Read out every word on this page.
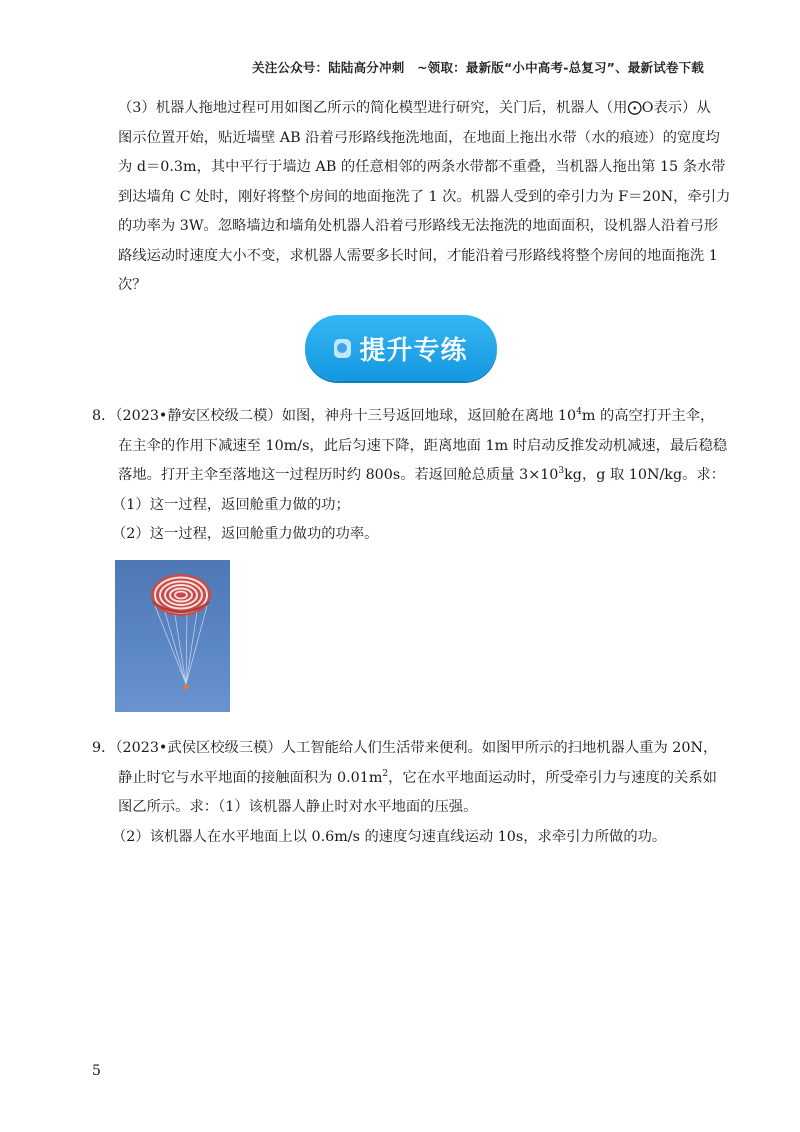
关注公众号：陆陆高分冲刺　~领取：最新版“小中高考-总复习”、最新试卷下载

（3）机器人拖地过程可用如图乙所示的简化模型进行研究，关门后，机器人（用⨀O表示）从
图示位置开始，贴近墙壁 AB 沿着弓形路线拖洗地面，在地面上拖出水带（水的痕迹）的宽度均
为 d＝0.3m，其中平行于墙边 AB 的任意相邻的两条水带都不重叠，当机器人拖出第 15 条水带
到达墙角 C 处时，刚好将整个房间的地面拖洗了 1 次。机器人受到的牵引力为 F＝20N，牵引力
的功率为 3W。忽略墙边和墙角处机器人沿着弓形路线无法拖洗的地面面积，设机器人沿着弓形
路线运动时速度大小不变，求机器人需要多长时间，才能沿着弓形路线将整个房间的地面拖洗 1
次？

提升专练

8．（2023•静安区校级二模）如图，神舟十三号返回地球，返回舱在离地 $10^4m$ 的高空打开主伞，
在主伞的作用下减速至 10m/s，此后匀速下降，距离地面 1m 时启动反推发动机减速，最后稳稳
落地。打开主伞至落地这一过程历时约 800s。若返回舱总质量 $3\times 10^3kg$，g 取 10N/kg。求：
（1）这一过程，返回舱重力做的功；
（2）这一过程，返回舱重力做功的功率。

9．（2023•武侯区校级三模）人工智能给人们生活带来便利。如图甲所示的扫地机器人重为 20N，
静止时它与水平地面的接触面积为 $0.01m^2$，它在水平地面运动时，所受牵引力与速度的关系如
图乙所示。求：（1）该机器人静止时对水平地面的压强。
（2）该机器人在水平地面上以 0.6m/s 的速度匀速直线运动 10s，求牵引力所做的功。

5
